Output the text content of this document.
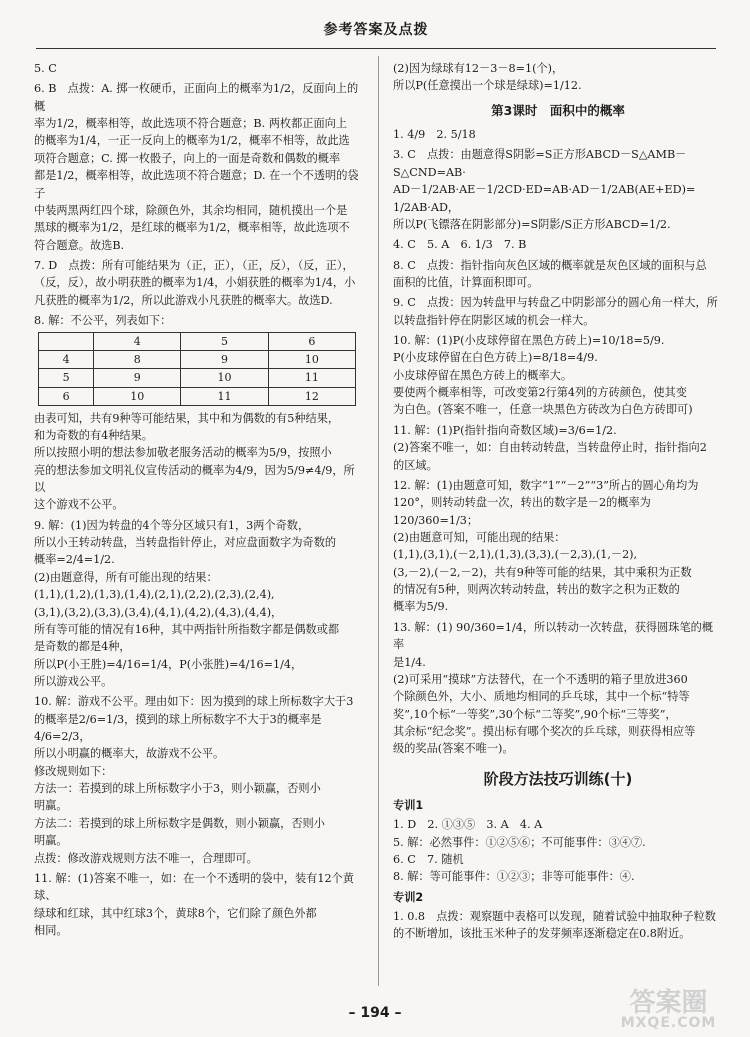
参考答案及点拨
5. C
6. B　点拨：A. 掷一枚硬币，正面向上的概率为1/2，反面向上的概
率为1/2，概率相等，故此选项不符合题意；B. 两枚都正面向上
的概率为1/4，一正一反向上的概率为1/2，概率不相等，故此选
项符合题意；C. 掷一枚骰子，向上的一面是奇数和偶数的概率
都是1/2，概率相等，故此选项不符合题意；D. 在一个不透明的袋子
中装两黑两红四个球，除颜色外，其余均相同，随机摸出一个是
黑球的概率为1/2，是红球的概率为1/2，概率相等，故此选项不
符合题意。故选B.
7. D　点拨：所有可能结果为（正，正），（正，反），（反，正），
（反，反），故小明获胜的概率为1/4，小娟获胜的概率为1/4，小
凡获胜的概率为1/2，所以此游戏小凡获胜的概率大。故选D.
8. 解：不公平，列表如下：
	4	5	6
4	8	9	10
5	9	10	11
6	10	11	12
由表可知，共有9种等可能结果，其中和为偶数的有5种结果，
和为奇数的有4种结果。
所以按照小明的想法参加敬老服务活动的概率为5/9，按照小
亮的想法参加文明礼仪宣传活动的概率为4/9，因为5/9≠4/9，所以
这个游戏不公平。
9. 解：(1)因为转盘的4个等分区域只有1，3两个奇数，
所以小王转动转盘，当转盘指针停止，对应盘面数字为奇数的
概率=2/4=1/2.
(2)由题意得，所有可能出现的结果：
(1,1),(1,2),(1,3),(1,4),(2,1),(2,2),(2,3),(2,4),
(3,1),(3,2),(3,3),(3,4),(4,1),(4,2),(4,3),(4,4)，
所有等可能的情况有16种，其中两指针所指数字都是偶数或都
是奇数的都是4种，
所以P(小王胜)=4/16=1/4，P(小张胜)=4/16=1/4，
所以游戏公平。
10. 解：游戏不公平。理由如下：因为摸到的球上所标数字大于3
的概率是2/6=1/3，摸到的球上所标数字不大于3的概率是
4/6=2/3，
所以小明赢的概率大，故游戏不公平。
修改规则如下：
方法一：若摸到的球上所标数字小于3，则小颖赢，否则小
明赢。
方法二：若摸到的球上所标数字是偶数，则小颖赢，否则小
明赢。
点拨：修改游戏规则方法不唯一，合理即可。
11. 解：(1)答案不唯一，如：在一个不透明的袋中，装有12个黄球、
绿球和红球，其中红球3个，黄球8个，它们除了颜色外都
相同。
(2)因为绿球有12－3－8=1(个)，
所以P(任意摸出一个球是绿球)=1/12.
第3课时　面积中的概率
1. 4/9　2. 5/18
3. C　点拨：由题意得S阴影=S正方形ABCD－S△AMB－S△CND=AB·
AD－1/2AB·AE－1/2CD·ED=AB·AD－1/2AB(AE+ED)=
1/2AB·AD，
所以P(飞镖落在阴影部分)=S阴影/S正方形ABCD=1/2.
4. C　5. A　6. 1/3　7. B
8. C　点拨：指针指向灰色区域的概率就是灰色区域的面积与总
面积的比值，计算面积即可。
9. C　点拨：因为转盘甲与转盘乙中阴影部分的圆心角一样大，所
以转盘指针停在阴影区域的机会一样大。
10. 解：(1)P(小皮球停留在黑色方砖上)=10/18=5/9.
P(小皮球停留在白色方砖上)=8/18=4/9.
小皮球停留在黑色方砖上的概率大。
要使两个概率相等，可改变第2行第4列的方砖颜色，使其变
为白色。(答案不唯一，任意一块黑色方砖改为白色方砖即可)
11. 解：(1)P(指针指向奇数区域)=3/6=1/2.
(2)答案不唯一，如：自由转动转盘，当转盘停止时，指针指向2
的区域。
12. 解：(1)由题意可知，数字“1”“－2”“3”所占的圆心角均为
120°，则转动转盘一次，转出的数字是－2的概率为120/360=1/3；
(2)由题意可知，可能出现的结果：
(1,1),(3,1),(－2,1),(1,3),(3,3),(－2,3),(1,－2),
(3,－2),(－2,－2)，共有9种等可能的结果，其中乘积为正数
的情况有5种，则两次转动转盘，转出的数字之积为正数的
概率为5/9.
13. 解：(1) 90/360=1/4，所以转动一次转盘，获得圆珠笔的概率
是1/4.
(2)可采用“摸球”方法替代，在一个不透明的箱子里放进360
个除颜色外，大小、质地均相同的乒乓球，其中一个标“特等
奖”,10个标“一等奖”,30个标“二等奖”,90个标“三等奖”，
其余标“纪念奖”。摸出标有哪个奖次的乒乓球，则获得相应等
级的奖品(答案不唯一)。
阶段方法技巧训练(十)
专训1
1. D　2. ①③⑤　3. A　4. A
5. 解：必然事件：①②⑤⑥；不可能事件：③④⑦.
6. C　7. 随机
8. 解：等可能事件：①②③；非等可能事件：④.
专训2
1. 0.8　点拨：观察题中表格可以发现，随着试验中抽取种子粒数
的不断增加，该批玉米种子的发芽频率逐渐稳定在0.8附近。
– 194 –	答案圈
MXQE.COM
